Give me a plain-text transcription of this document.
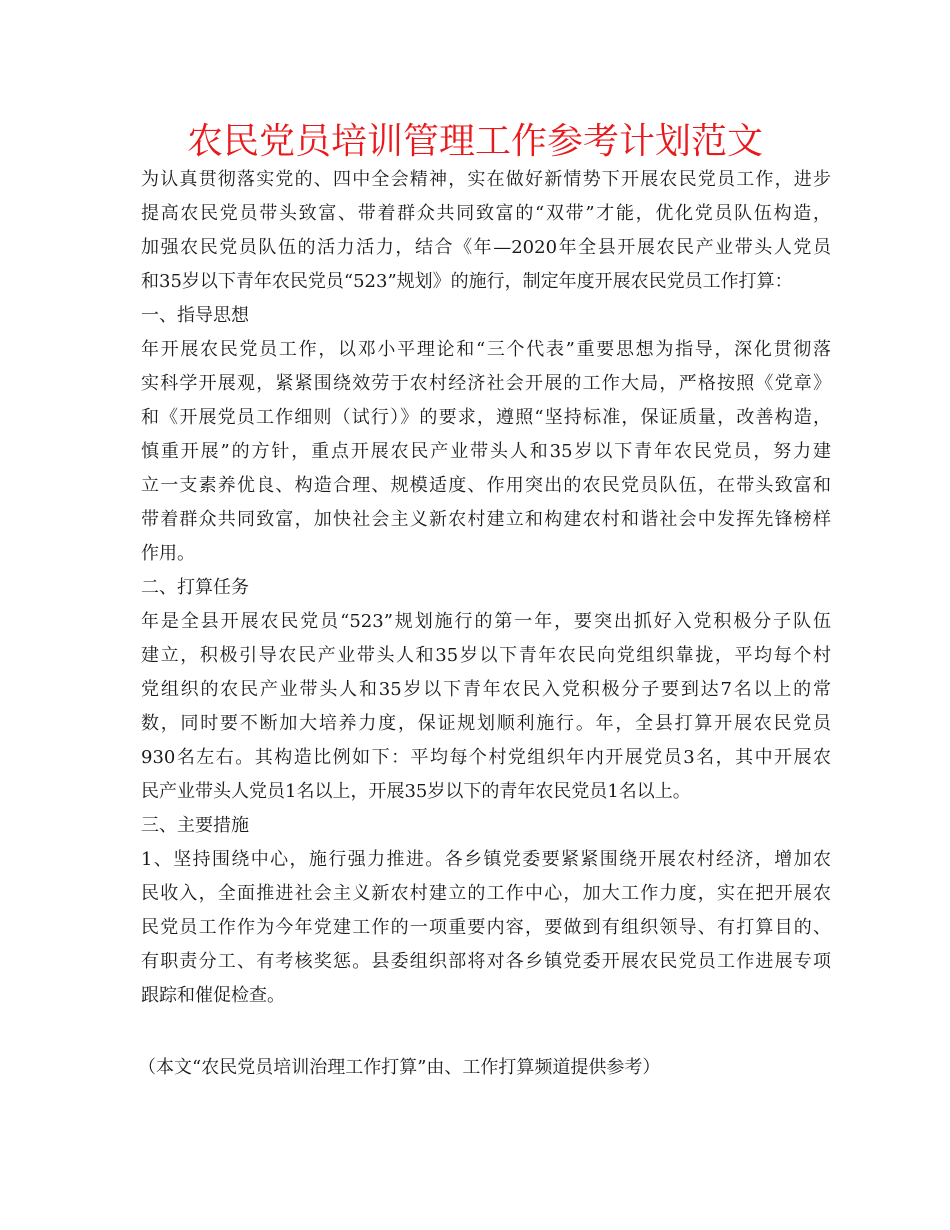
农民党员培训管理工作参考计划范文
为认真贯彻落实党的、四中全会精神，实在做好新情势下开展农民党员工作，进步
提高农民党员带头致富、带着群众共同致富的“双带”才能，优化党员队伍构造，
加强农民党员队伍的活力活力，结合《年—2020年全县开展农民产业带头人党员
和35岁以下青年农民党员“523”规划》的施行，制定年度开展农民党员工作打算：
一、指导思想
年开展农民党员工作，以邓小平理论和“三个代表”重要思想为指导，深化贯彻落
实科学开展观，紧紧围绕效劳于农村经济社会开展的工作大局，严格按照《党章》
和《开展党员工作细则（试行）》的要求，遵照“坚持标准，保证质量，改善构造，
慎重开展”的方针，重点开展农民产业带头人和35岁以下青年农民党员，努力建
立一支素养优良、构造合理、规模适度、作用突出的农民党员队伍，在带头致富和
带着群众共同致富，加快社会主义新农村建立和构建农村和谐社会中发挥先锋榜样
作用。
二、打算任务
年是全县开展农民党员“523”规划施行的第一年，要突出抓好入党积极分子队伍
建立，积极引导农民产业带头人和35岁以下青年农民向党组织靠拢，平均每个村
党组织的农民产业带头人和35岁以下青年农民入党积极分子要到达7名以上的常
数，同时要不断加大培养力度，保证规划顺利施行。年，全县打算开展农民党员
930名左右。其构造比例如下：平均每个村党组织年内开展党员3名，其中开展农
民产业带头人党员1名以上，开展35岁以下的青年农民党员1名以上。
三、主要措施
1、坚持围绕中心，施行强力推进。各乡镇党委要紧紧围绕开展农村经济，增加农
民收入，全面推进社会主义新农村建立的工作中心，加大工作力度，实在把开展农
民党员工作作为今年党建工作的一项重要内容，要做到有组织领导、有打算目的、
有职责分工、有考核奖惩。县委组织部将对各乡镇党委开展农民党员工作进展专项
跟踪和催促检查。
（本文“农民党员培训治理工作打算”由、工作打算频道提供参考）
